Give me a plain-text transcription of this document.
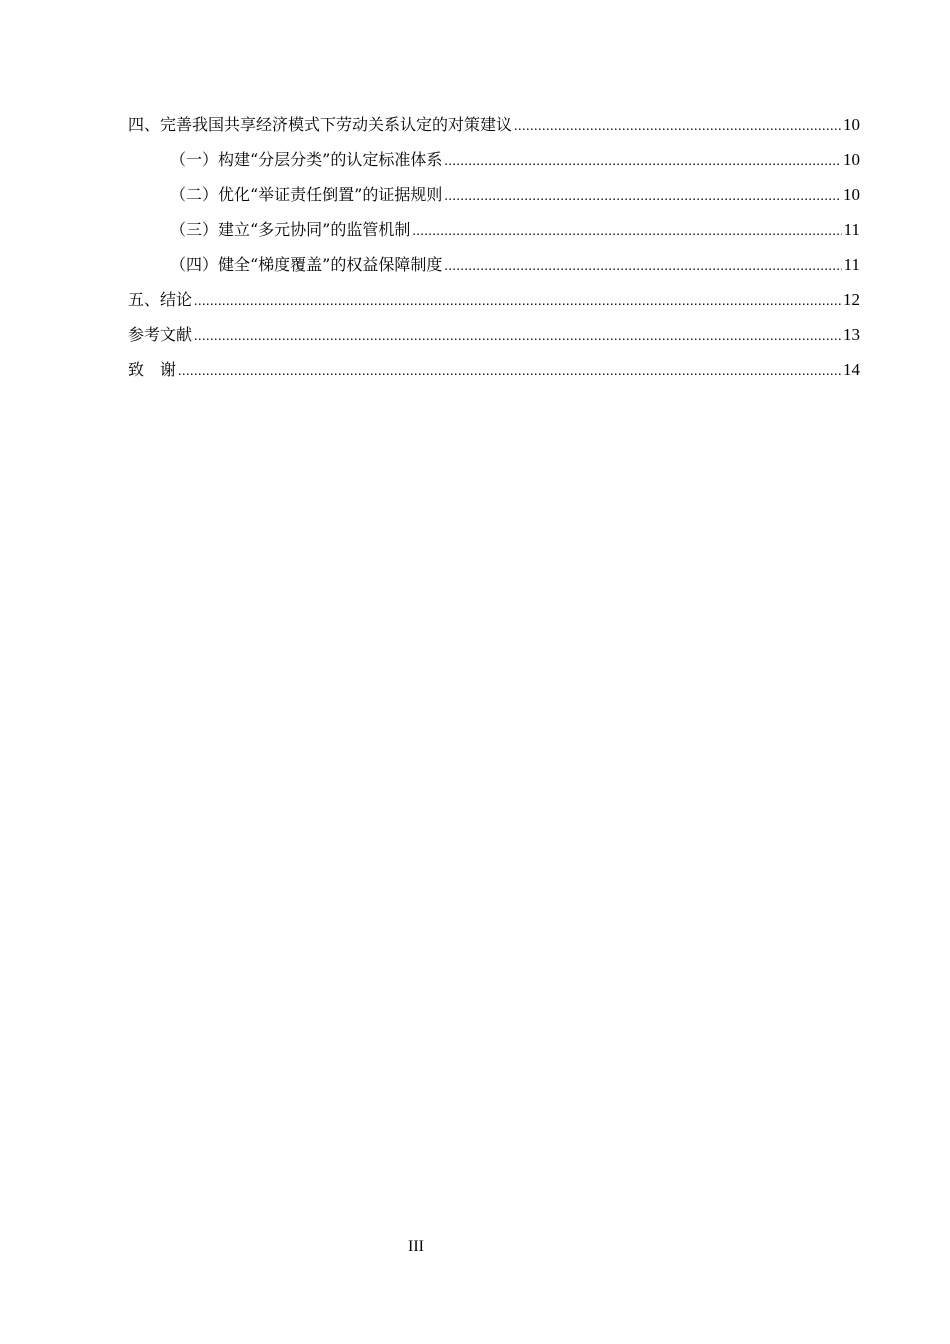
四、完善我国共享经济模式下劳动关系认定的对策建议 .....	10
（一）构建“分层分类”的认定标准体系 .....	10
（二）优化“举证责任倒置”的证据规则 .....	10
（三）建立“多元协同”的监管机制 .....	11
（四）健全“梯度覆盖”的权益保障制度 .....	11
五、结论 .....	12
参考文献 .....	13
致　谢 .....	14
III
